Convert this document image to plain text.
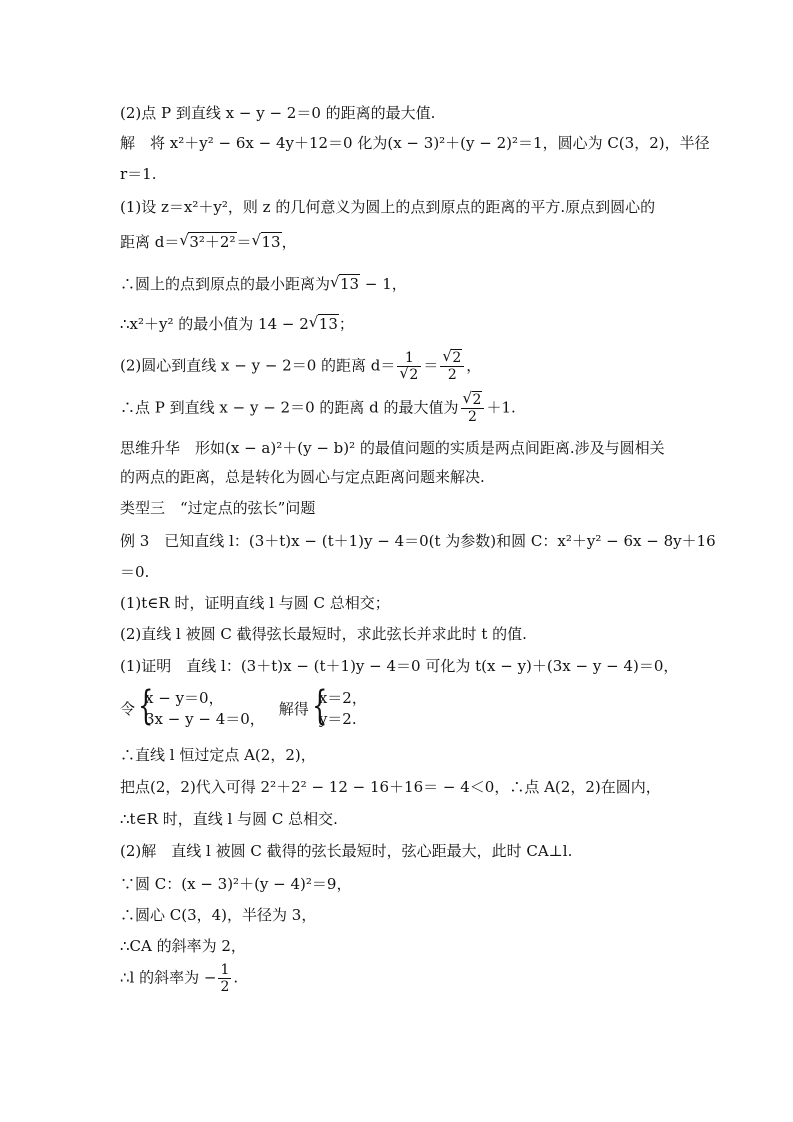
(2)点 P 到直线 x − y − 2＝0 的距离的最大值.
解　将 x²＋y² − 6x − 4y＋12＝0 化为(x − 3)²＋(y − 2)²＝1，圆心为 C(3，2)，半径
r＝1.
(1)设 z＝x²＋y²，则 z 的几何意义为圆上的点到原点的距离的平方.原点到圆心的
距离 d＝ √ 3²＋2²＝ √ 13，
∴圆上的点到原点的最小距离为 √ 13 − 1，
∴x²＋y² 的最小值为 14 − 2 √ 13；
(2)圆心到直线 x − y − 2＝0 的距离 d＝ 1
√ 2 ＝ √ $\frac{2}{2}$ ，
∴点 P 到直线 x − y − 2＝0 的距离 d 的最大值为 √ $\frac{2}{2} +1$.
思维升华　形如(x − a)²＋(y − b)² 的最值问题的实质是两点间距离.涉及与圆相关
的两点的距离，总是转化为圆心与定点距离问题来解决.
类型三　“过定点的弦长”问题
例 3　已知直线 l：(3＋t)x − (t＋1)y − 4＝0(t 为参数)和圆 C：x²＋y² − 6x − 8y＋16
＝0.
(1)t∈R 时，证明直线 l 与圆 C 总相交；
(2)直线 l 被圆 C 截得弦长最短时，求此弦长并求此时 t 的值.
(1)证明　直线 l：(3＋t)x − (t＋1)y − 4＝0 可化为 t(x − y)＋(3x − y − 4)＝0，
令
{ x − y＝0，
3x − y − 4＝0，
解得
{ x＝2，
y＝2.
∴直线 l 恒过定点 A(2，2)，
把点(2，2)代入可得 2²＋2² − 12 − 16＋16＝ − 4＜0，∴点 A(2，2)在圆内，
∴t∈R 时，直线 l 与圆 C 总相交.
(2)解　直线 l 被圆 C 截得的弦长最短时，弦心距最大，此时 CA⊥l.
∵圆 C：(x − 3)²＋(y − 4)²＝9，
∴圆心 C(3，4)，半径为 3，
∴CA 的斜率为 2，
∴l 的斜率为 − $\frac{1}{2}$ .
